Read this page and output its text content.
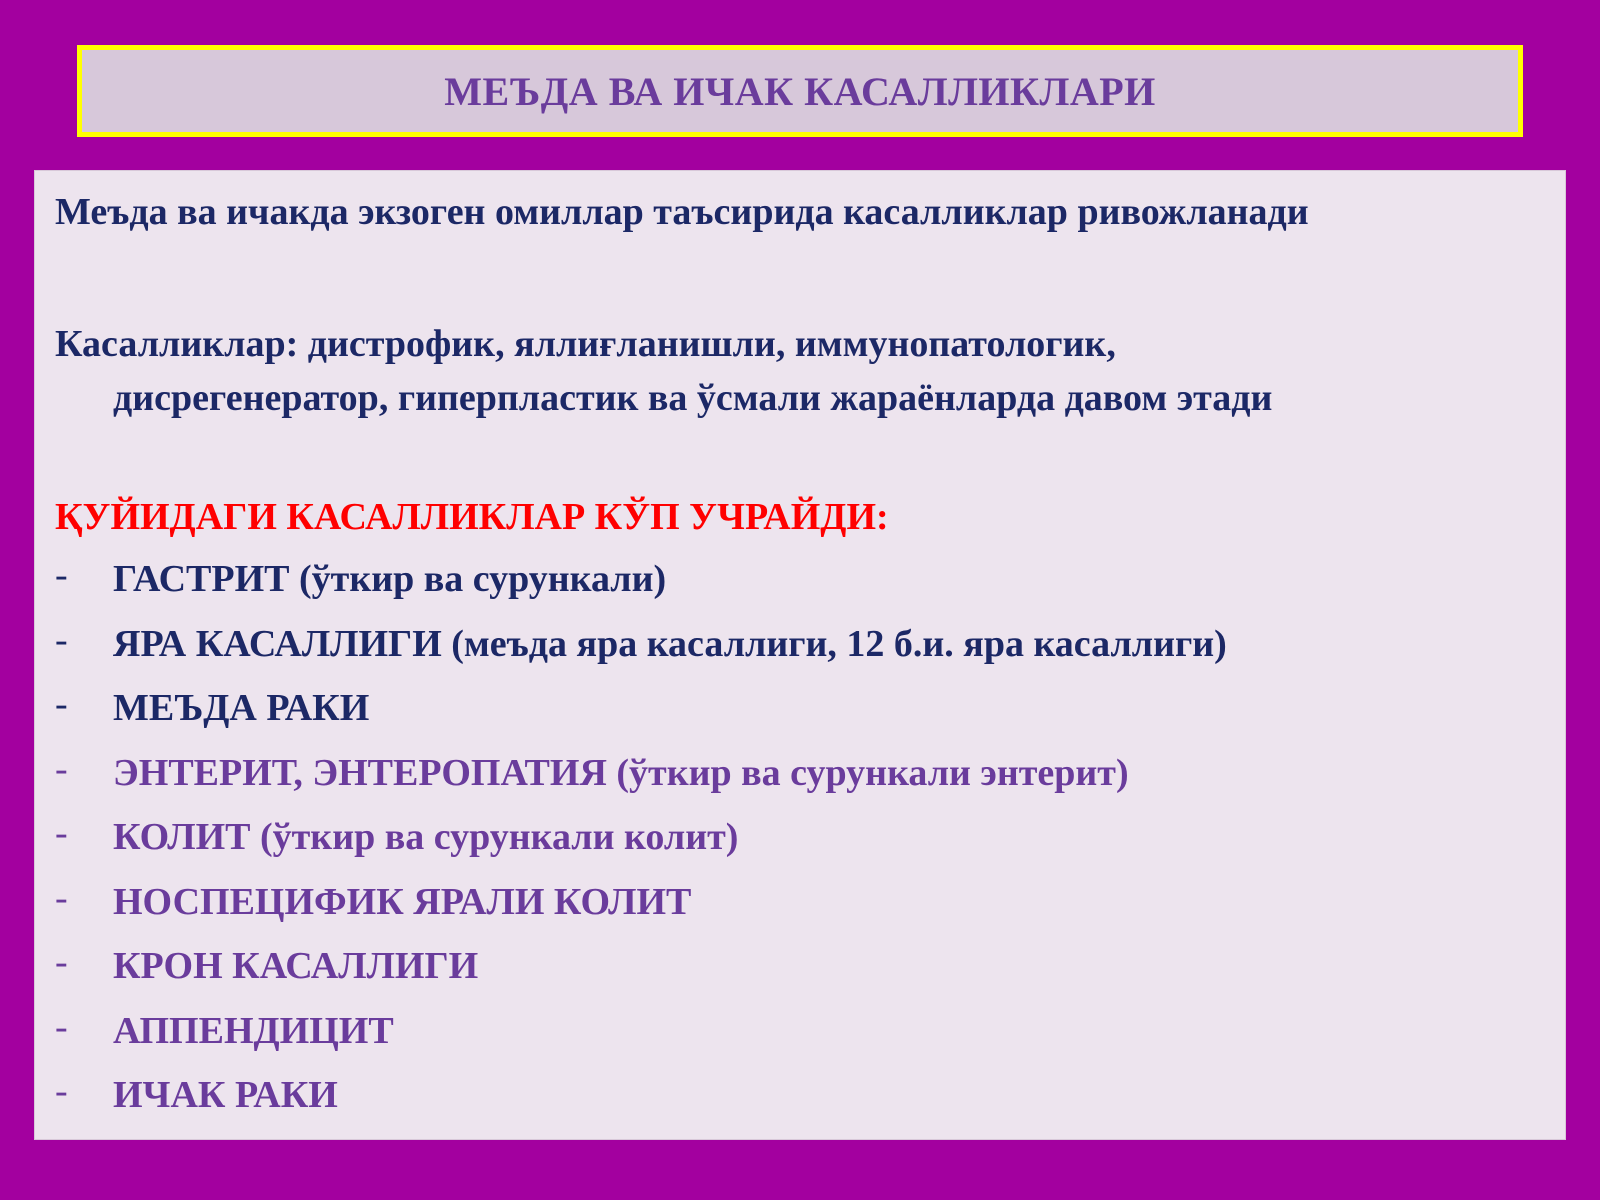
МЕЪДА ВА ИЧАК КАСАЛЛИКЛАРИ
Меъда ва ичакда экзоген омиллар таъсирида касалликлар ривожланади
Касалликлар: дистрофик, яллиғланишли, иммунопатологик,
дисрегенератор, гиперпластик ва ўсмали жараёнларда давом этади
ҚУЙИДАГИ КАСАЛЛИКЛАР КЎП УЧРАЙДИ:
- ГАСТРИТ (ўткир ва сурункали)
- ЯРА КАСАЛЛИГИ (меъда яра касаллиги, 12 б.и. яра касаллиги)
- МЕЪДА РАКИ
- ЭНТЕРИТ, ЭНТЕРОПАТИЯ (ўткир ва сурункали энтерит)
- КОЛИТ (ўткир ва сурункали колит)
- НОСПЕЦИФИК ЯРАЛИ КОЛИТ
- КРОН КАСАЛЛИГИ
- АППЕНДИЦИТ
- ИЧАК РАКИ
